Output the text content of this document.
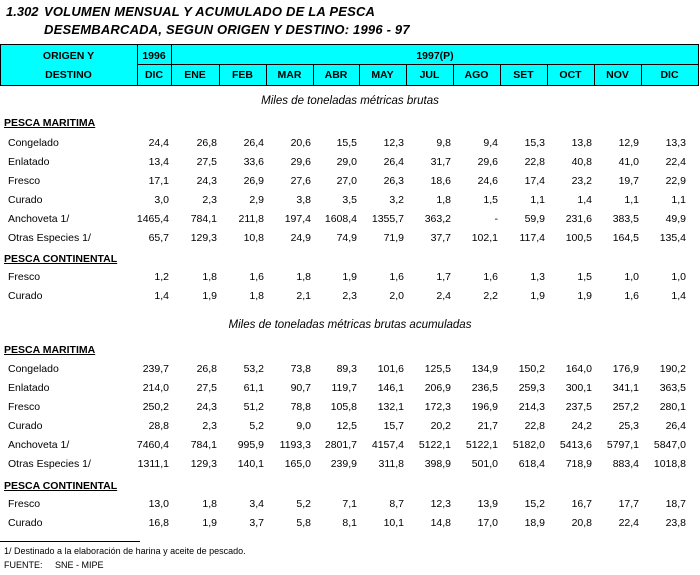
1.302 VOLUMEN MENSUAL Y ACUMULADO DE LA PESCA
DESEMBARCADA, SEGUN ORIGEN Y DESTINO: 1996 - 97
ORIGEN Y
DESTINO
1996	1997(P)
DIC	ENE	FEB	MAR	ABR	MAY	JUL	AGO	SET	OCT	NOV	DIC
Miles de toneladas métricas brutas
PESCA MARITIMA
Congelado	24,4	26,8	26,4	20,6	15,5	12,3	9,8	9,4	15,3	13,8	12,9	13,3
Enlatado	13,4	27,5	33,6	29,6	29,0	26,4	31,7	29,6	22,8	40,8	41,0	22,4
Fresco	17,1	24,3	26,9	27,6	27,0	26,3	18,6	24,6	17,4	23,2	19,7	22,9
Curado	3,0	2,3	2,9	3,8	3,5	3,2	1,8	1,5	1,1	1,4	1,1	1,1
Anchoveta 1/	1465,4	784,1	211,8	197,4	1608,4	1355,7	363,2	-	59,9	231,6	383,5	49,9
Otras Especies 1/	65,7	129,3	10,8	24,9	74,9	71,9	37,7	102,1	117,4	100,5	164,5	135,4
PESCA CONTINENTAL
Fresco	1,2	1,8	1,6	1,8	1,9	1,6	1,7	1,6	1,3	1,5	1,0	1,0
Curado	1,4	1,9	1,8	2,1	2,3	2,0	2,4	2,2	1,9	1,9	1,6	1,4
Miles de toneladas métricas brutas acumuladas
PESCA MARITIMA
Congelado	239,7	26,8	53,2	73,8	89,3	101,6	125,5	134,9	150,2	164,0	176,9	190,2
Enlatado	214,0	27,5	61,1	90,7	119,7	146,1	206,9	236,5	259,3	300,1	341,1	363,5
Fresco	250,2	24,3	51,2	78,8	105,8	132,1	172,3	196,9	214,3	237,5	257,2	280,1
Curado	28,8	2,3	5,2	9,0	12,5	15,7	20,2	21,7	22,8	24,2	25,3	26,4
Anchoveta 1/	7460,4	784,1	995,9	1193,3	2801,7	4157,4	5122,1	5122,1	5182,0	5413,6	5797,1	5847,0
Otras Especies 1/	1311,1	129,3	140,1	165,0	239,9	311,8	398,9	501,0	618,4	718,9	883,4	1018,8
PESCA CONTINENTAL
Fresco	13,0	1,8	3,4	5,2	7,1	8,7	12,3	13,9	15,2	16,7	17,7	18,7
Curado	16,8	1,9	3,7	5,8	8,1	10,1	14,8	17,0	18,9	20,8	22,4	23,8
1/ Destinado a la elaboración de harina y aceite de pescado.
FUENTE:     SNE - MIPE
